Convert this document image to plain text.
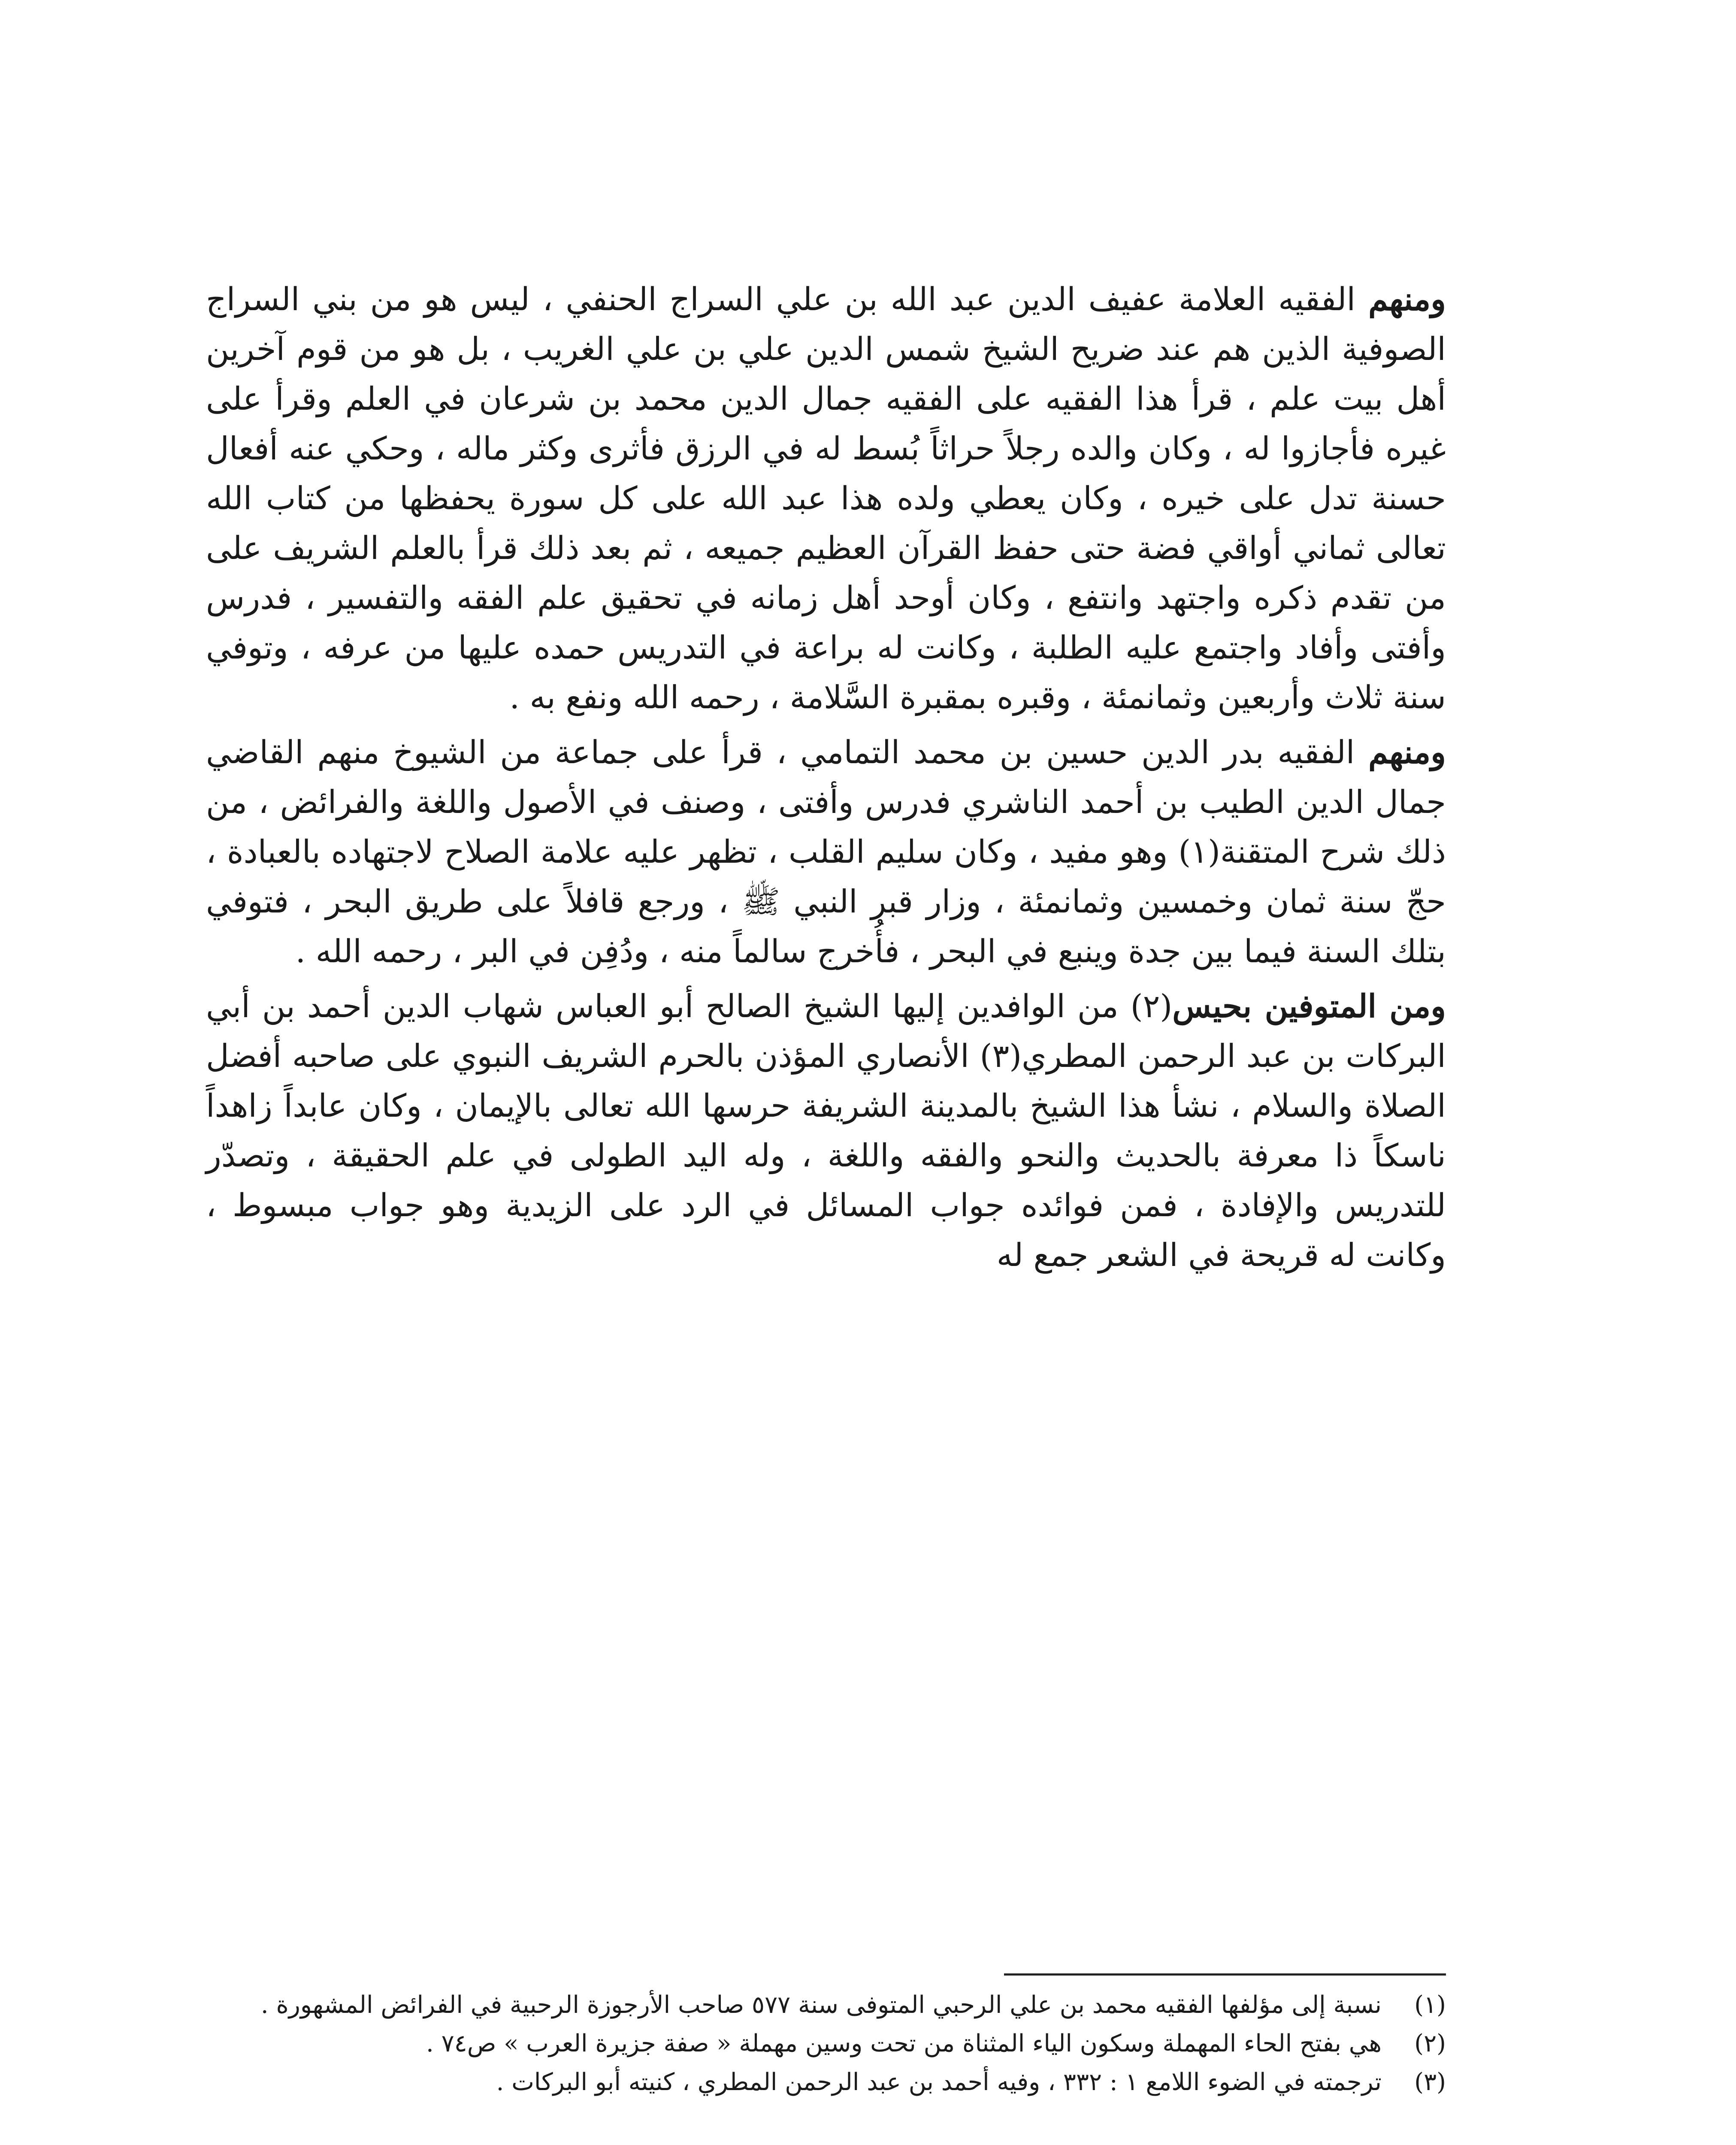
ومنهم الفقيه العلامة عفيف الدين عبد الله بن علي السراج الحنفي ، ليس هو من بني السراج الصوفية الذين هم عند ضريح الشيخ شمس الدين علي بن علي الغريب ، بل هو من قوم آخرين أهل بيت علم ، قرأ هذا الفقيه على الفقيه جمال الدين محمد بن شرعان في العلم وقرأ على غيره فأجازوا له ، وكان والده رجلاً حراثاً بُسط له في الرزق فأثرى وكثر ماله ، وحكي عنه أفعال حسنة تدل على خيره ، وكان يعطي ولده هذا عبد الله على كل سورة يحفظها من كتاب الله تعالى ثماني أواقي فضة حتى حفظ القرآن العظيم جميعه ، ثم بعد ذلك قرأ بالعلم الشريف على من تقدم ذكره واجتهد وانتفع ، وكان أوحد أهل زمانه في تحقيق علم الفقه والتفسير ، فدرس وأفتى وأفاد واجتمع عليه الطلبة ، وكانت له براعة في التدريس حمده عليها من عرفه ، وتوفي سنة ثلاث وأربعين وثمانمئة ، وقبره بمقبرة السَّلامة ، رحمه الله ونفع به .

ومنهم الفقيه بدر الدين حسين بن محمد التمامي ، قرأ على جماعة من الشيوخ منهم القاضي جمال الدين الطيب بن أحمد الناشري فدرس وأفتى ، وصنف في الأصول واللغة والفرائض ، من ذلك شرح المتقنة(١) وهو مفيد ، وكان سليم القلب ، تظهر عليه علامة الصلاح لاجتهاده بالعبادة ، حجّ سنة ثمان وخمسين وثمانمئة ، وزار قبر النبي ﷺ ، ورجع قافلاً على طريق البحر ، فتوفي بتلك السنة فيما بين جدة وينبع في البحر ، فأُخرج سالماً منه ، ودُفِن في البر ، رحمه الله .

ومن المتوفين بحيس(٢) من الوافدين إليها الشيخ الصالح أبو العباس شهاب الدين أحمد بن أبي البركات بن عبد الرحمن المطري(٣) الأنصاري المؤذن بالحرم الشريف النبوي على صاحبه أفضل الصلاة والسلام ، نشأ هذا الشيخ بالمدينة الشريفة حرسها الله تعالى بالإيمان ، وكان عابداً زاهداً ناسكاً ذا معرفة بالحديث والنحو والفقه واللغة ، وله اليد الطولى في علم الحقيقة ، وتصدّر للتدريس والإفادة ، فمن فوائده جواب المسائل في الرد على الزيدية وهو جواب مبسوط ، وكانت له قريحة في الشعر جمع له

(١)
نسبة إلى مؤلفها الفقيه محمد بن علي الرحبي المتوفى سنة ٥٧٧ صاحب الأرجوزة الرحبية في الفرائض المشهورة .
(٢)
هي بفتح الحاء المهملة وسكون الياء المثناة من تحت وسين مهملة « صفة جزيرة العرب » ص٧٤ .
(٣)
ترجمته في الضوء اللامع ١ : ٣٣٢ ، وفيه أحمد بن عبد الرحمن المطري ، كنيته أبو البركات .
